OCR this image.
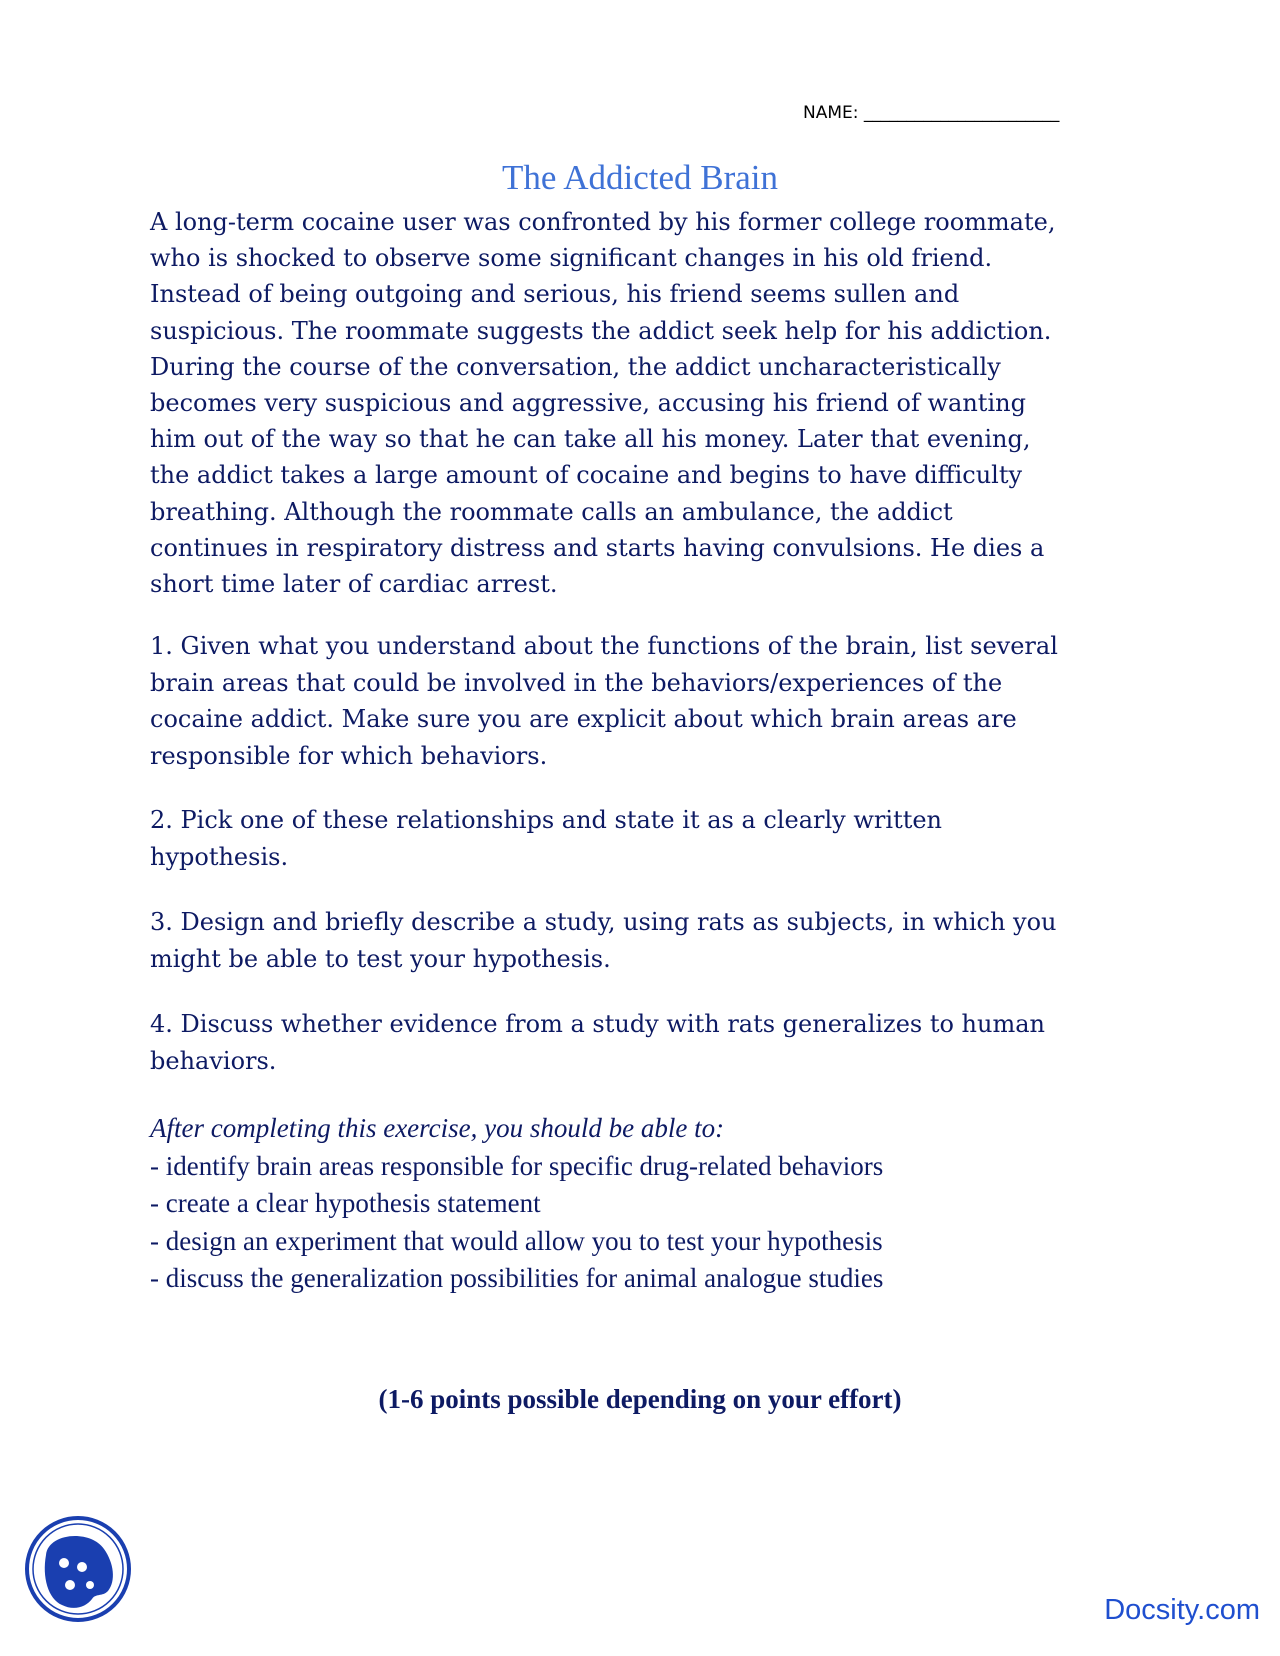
NAME: _______________________
The Addicted Brain
A long-term cocaine user was confronted by his former college roommate,
who is shocked to observe some significant changes in his old friend.
Instead of being outgoing and serious, his friend seems sullen and
suspicious. The roommate suggests the addict seek help for his addiction.
During the course of the conversation, the addict uncharacteristically
becomes very suspicious and aggressive, accusing his friend of wanting
him out of the way so that he can take all his money. Later that evening,
the addict takes a large amount of cocaine and begins to have difficulty
breathing. Although the roommate calls an ambulance, the addict
continues in respiratory distress and starts having convulsions. He dies a
short time later of cardiac arrest.
1. Given what you understand about the functions of the brain, list several
brain areas that could be involved in the behaviors/experiences of the
cocaine addict. Make sure you are explicit about which brain areas are
responsible for which behaviors.
2. Pick one of these relationships and state it as a clearly written
hypothesis.
3. Design and briefly describe a study, using rats as subjects, in which you
might be able to test your hypothesis.
4. Discuss whether evidence from a study with rats generalizes to human
behaviors.
After completing this exercise, you should be able to:
- identify brain areas responsible for specific drug-related behaviors
- create a clear hypothesis statement
- design an experiment that would allow you to test your hypothesis
- discuss the generalization possibilities for animal analogue studies
(1-6 points possible depending on your effort)
Docsity.com
